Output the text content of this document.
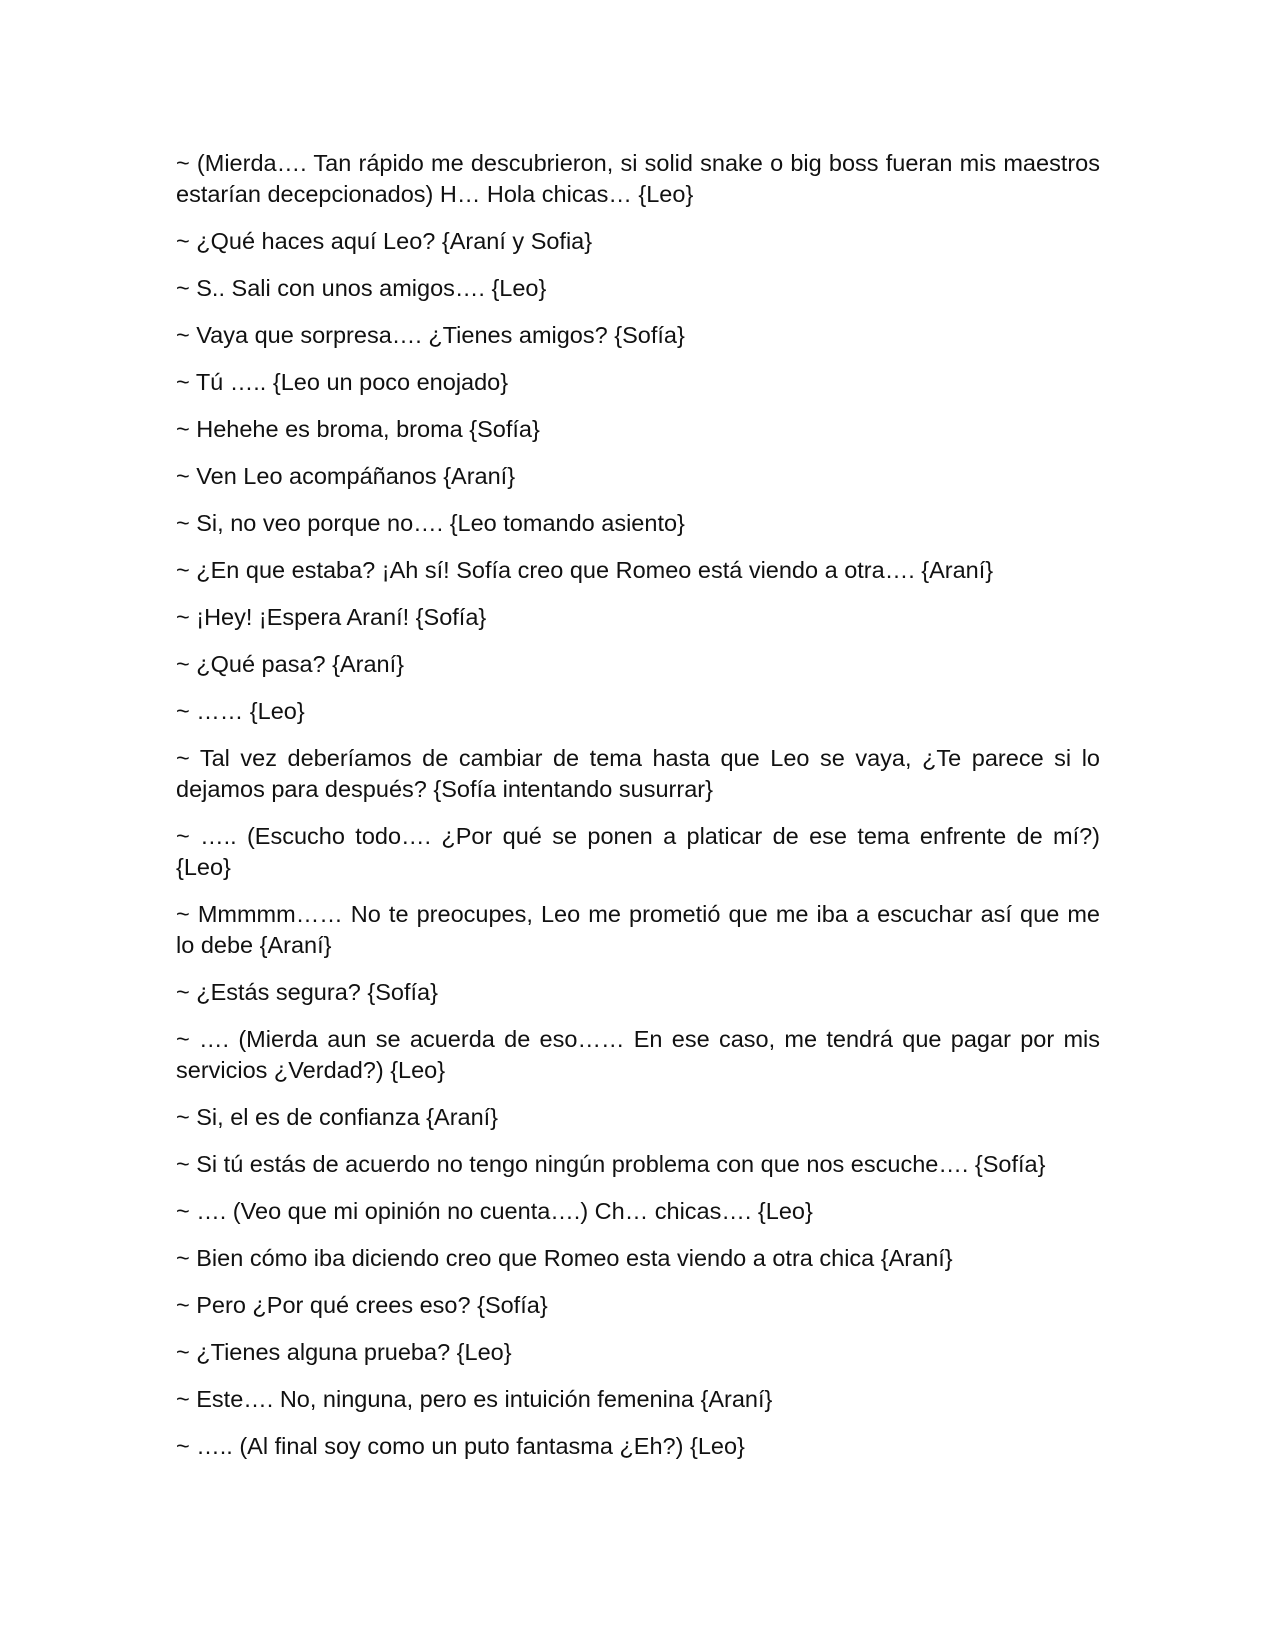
~ (Mierda…. Tan rápido me descubrieron, si solid snake o big boss fueran mis maestros estarían decepcionados) H… Hola chicas… {Leo}

~ ¿Qué haces aquí Leo? {Araní y Sofia}

~ S.. Sali con unos amigos…. {Leo}

~ Vaya que sorpresa…. ¿Tienes amigos? {Sofía}

~ Tú ….. {Leo un poco enojado}

~ Hehehe es broma, broma {Sofía}

~ Ven Leo acompáñanos {Araní}

~ Si, no veo porque no…. {Leo tomando asiento}

~ ¿En que estaba? ¡Ah sí! Sofía creo que Romeo está viendo a otra…. {Araní}

~ ¡Hey! ¡Espera Araní! {Sofía}

~ ¿Qué pasa? {Araní}

~ …… {Leo}

~ Tal vez deberíamos de cambiar de tema hasta que Leo se vaya, ¿Te parece si lo dejamos para después? {Sofía intentando susurrar}

~ ….. (Escucho todo…. ¿Por qué se ponen a platicar de ese tema enfrente de mí?) {Leo}

~ Mmmmm…… No te preocupes, Leo me prometió que me iba a escuchar así que me lo debe {Araní}

~ ¿Estás segura? {Sofía}

~ …. (Mierda aun se acuerda de eso…… En ese caso, me tendrá que pagar por mis servicios ¿Verdad?) {Leo}

~ Si, el es de confianza {Araní}

~ Si tú estás de acuerdo no tengo ningún problema con que nos escuche…. {Sofía}

~ …. (Veo que mi opinión no cuenta….) Ch… chicas…. {Leo}

~ Bien cómo iba diciendo creo que Romeo esta viendo a otra chica {Araní}

~ Pero ¿Por qué crees eso? {Sofía}

~ ¿Tienes alguna prueba? {Leo}

~ Este…. No, ninguna, pero es intuición femenina {Araní}

~ ….. (Al final soy como un puto fantasma ¿Eh?) {Leo}
